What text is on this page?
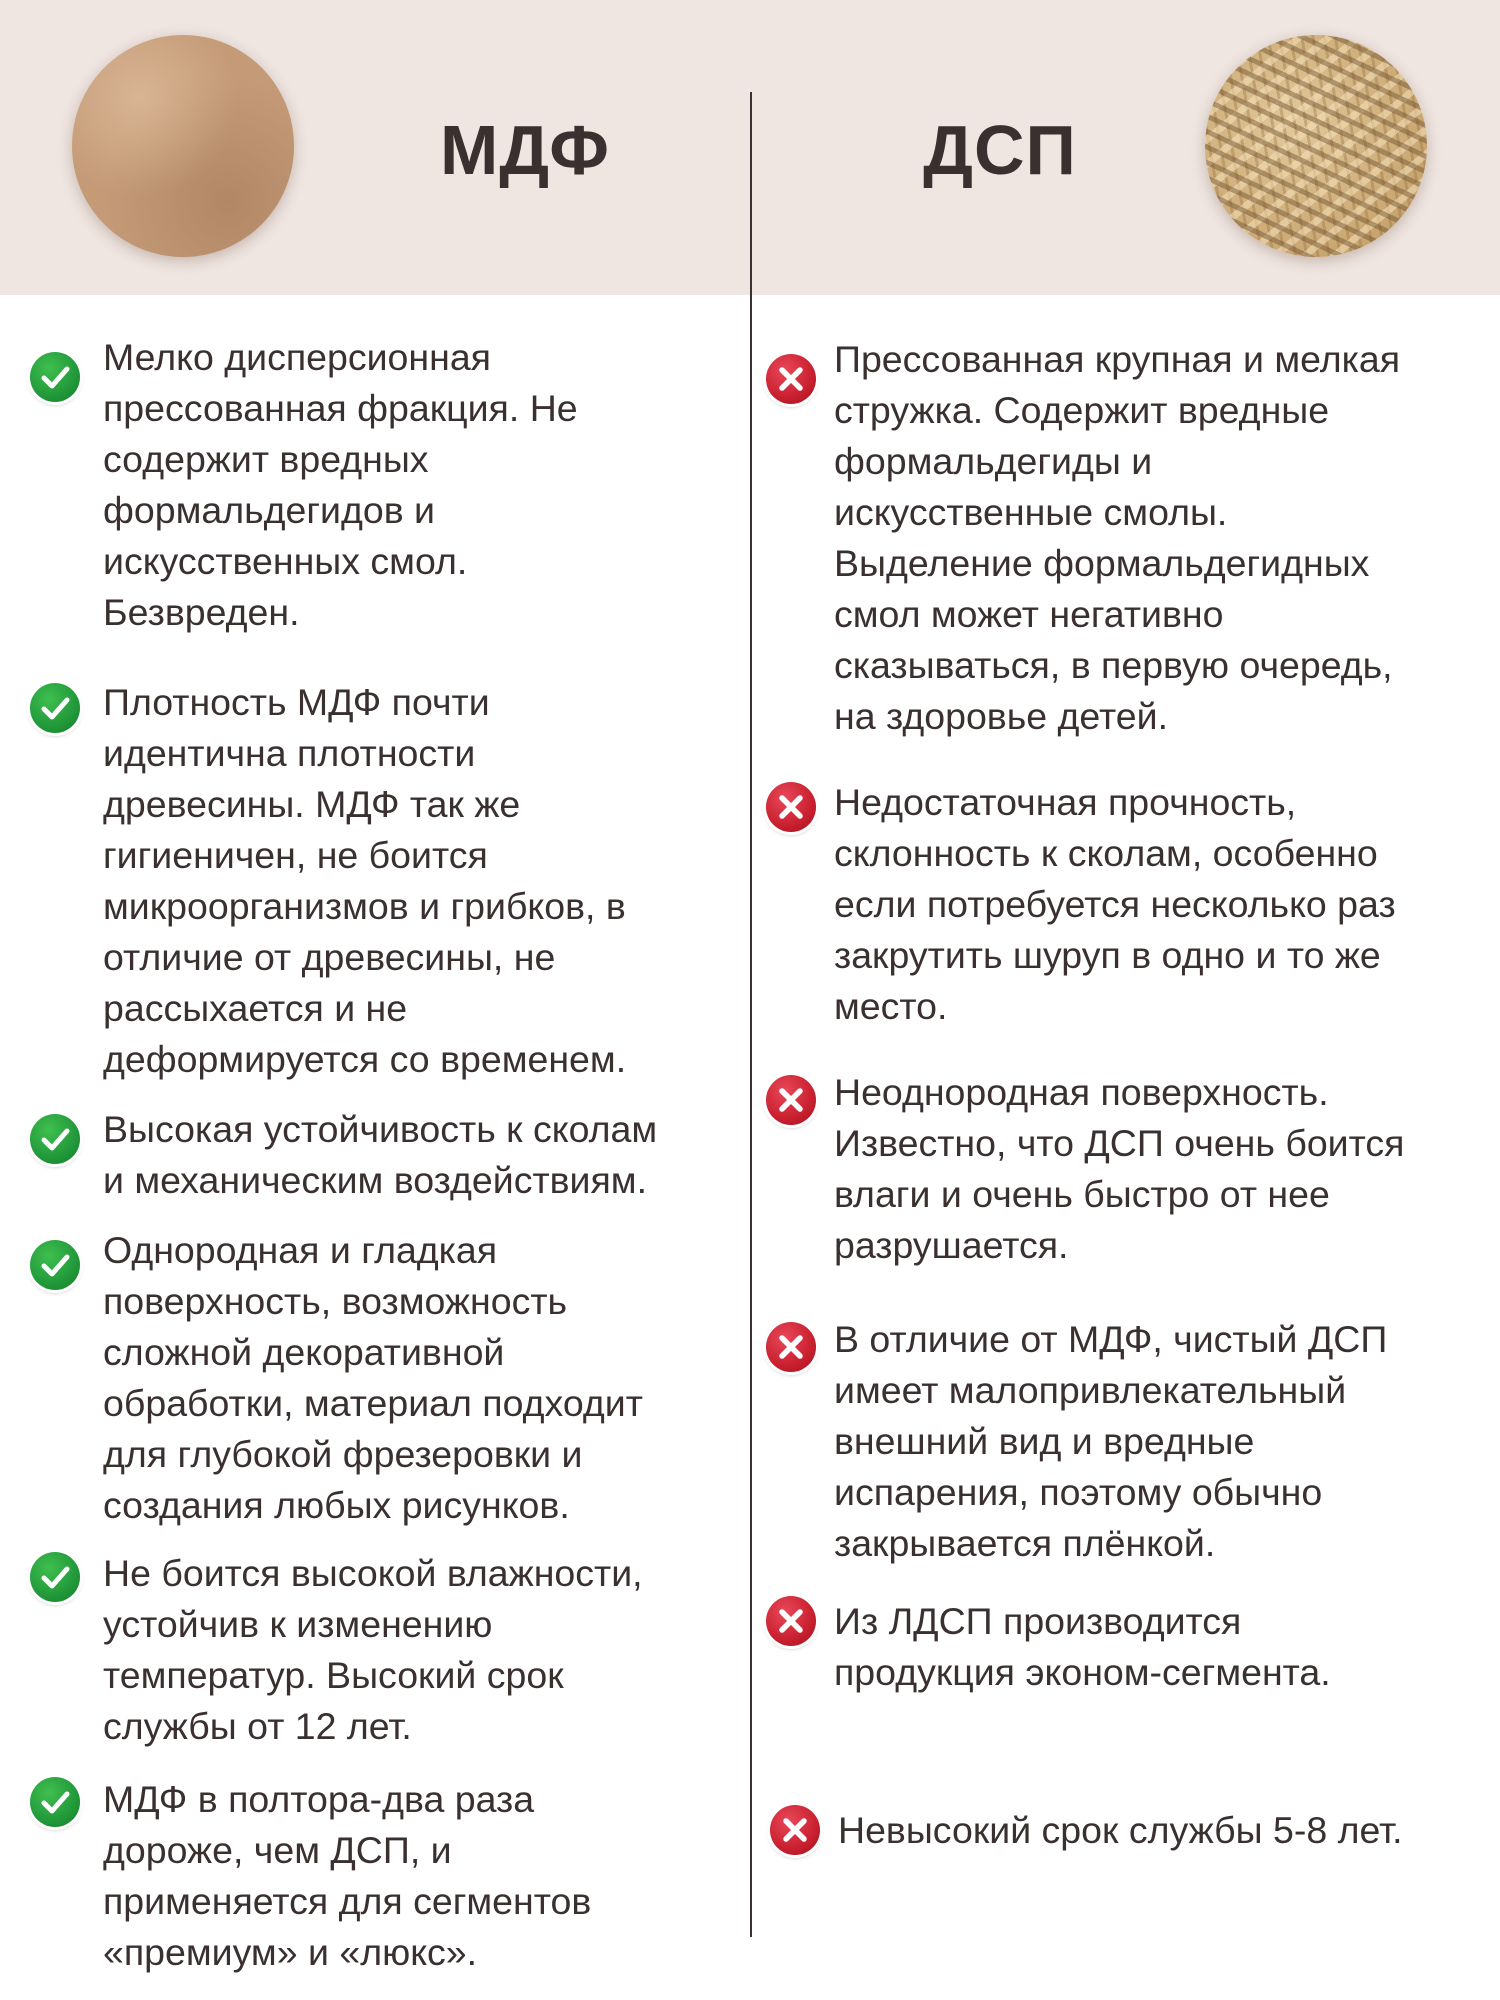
МДФ	ДСП

Мелко дисперсионная
прессованная фракция. Не
содержит вредных
формальдегидов и
искусственных смол.
Безвреден.

Плотность МДФ почти
идентична плотности
древесины. МДФ так же
гигиеничен, не боится
микроорганизмов и грибков, в
отличие от древесины, не
рассыхается и не
деформируется со временем.

Высокая устойчивость к сколам
и механическим воздействиям.

Однородная и гладкая
поверхность, возможность
сложной декоративной
обработки, материал подходит
для глубокой фрезеровки и
создания любых рисунков.

Не боится высокой влажности,
устойчив к изменению
температур. Высокий срок
службы от 12 лет.

МДФ в полтора-два раза
дороже, чем ДСП, и
применяется для сегментов
«премиум» и «люкс».

Прессованная крупная и мелкая
стружка. Содержит вредные
формальдегиды и
искусственные смолы.
Выделение формальдегидных
смол может негативно
сказываться, в первую очередь,
на здоровье детей.

Недостаточная прочность,
склонность к сколам, особенно
если потребуется несколько раз
закрутить шуруп в одно и то же
место.

Неоднородная поверхность.
Известно, что ДСП очень боится
влаги и очень быстро от нее
разрушается.

В отличие от МДФ, чистый ДСП
имеет малопривлекательный
внешний вид и вредные
испарения, поэтому обычно
закрывается плёнкой.

Из ЛДСП производится
продукция эконом-сегмента.

Невысокий срок службы 5-8 лет.
